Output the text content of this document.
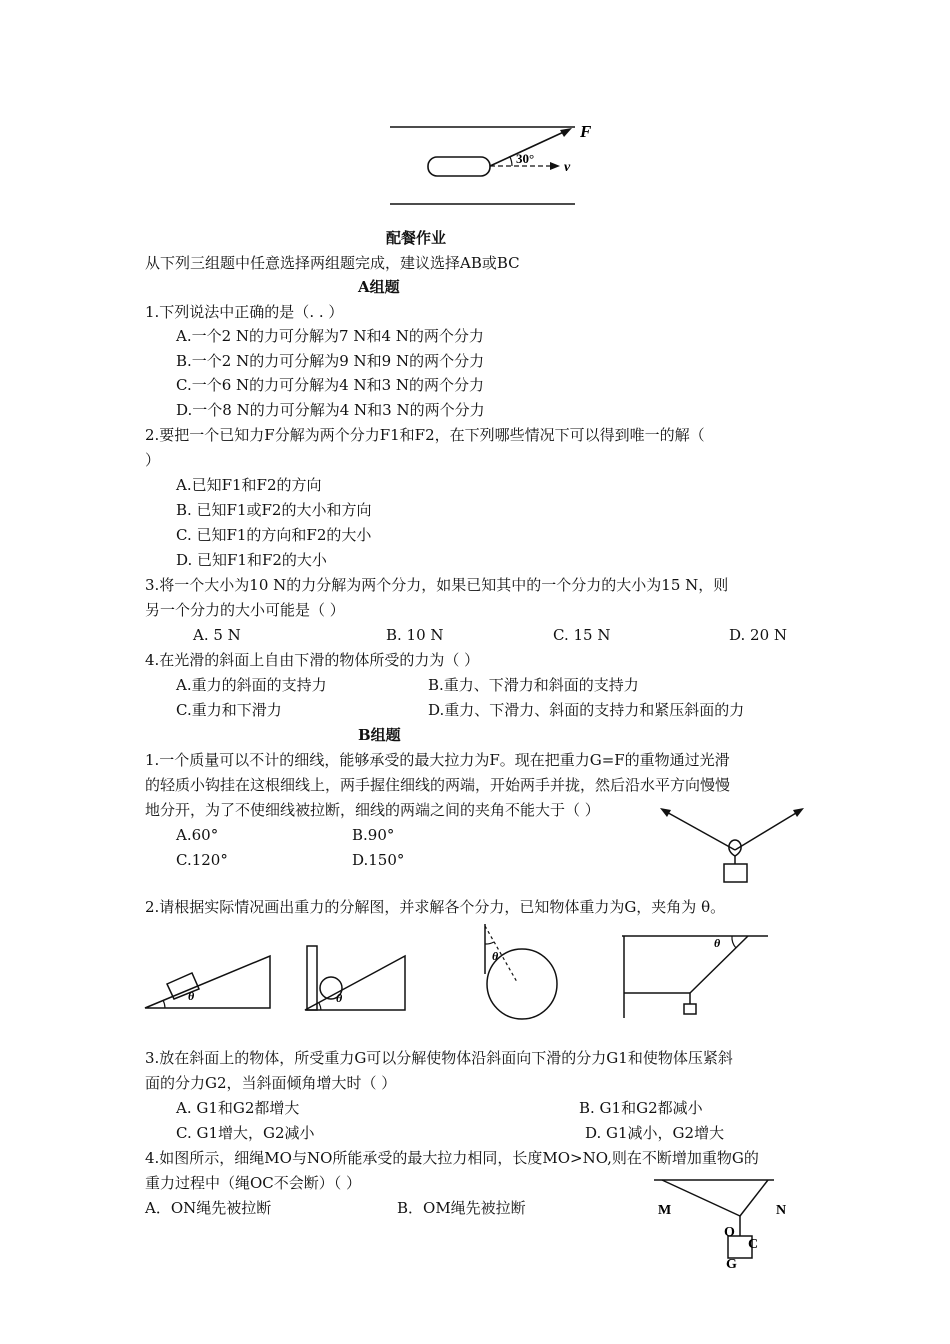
F
30°
v
配餐作业
从下列三组题中任意选择两组题完成，建议选择AB或BC
A组题
1.下列说法中正确的是（. . ）
A.一个2 N的力可分解为7 N和4 N的两个分力
B.一个2 N的力可分解为9 N和9 N的两个分力
C.一个6 N的力可分解为4 N和3 N的两个分力
D.一个8 N的力可分解为4 N和3 N的两个分力
2.要把一个已知力F分解为两个分力F1和F2，在下列哪些情况下可以得到唯一的解（
）
A.已知F1和F2的方向
B. 已知F1或F2的大小和方向
C. 已知F1的方向和F2的大小
D. 已知F1和F2的大小
3.将一个大小为10 N的力分解为两个分力，如果已知其中的一个分力的大小为15 N，则
另一个分力的大小可能是（ ）
A. 5 N	B. 10 N	C. 15 N	D. 20 N
4.在光滑的斜面上自由下滑的物体所受的力为（ ）
A.重力的斜面的支持力	B.重力、下滑力和斜面的支持力
C.重力和下滑力	D.重力、下滑力、斜面的支持力和紧压斜面的力
B组题
1.一个质量可以不计的细线，能够承受的最大拉力为F。现在把重力G=F的重物通过光滑
的轻质小钩挂在这根细线上，两手握住细线的两端，开始两手并拢，然后沿水平方向慢慢
地分开，为了不使细线被拉断，细线的两端之间的夹角不能大于（ ）
A.60°	B.90°
C.120°	D.150°
2.请根据实际情况画出重力的分解图，并求解各个分力，已知物体重力为G，夹角为 θ。
θ	θ
θ
θ
3.放在斜面上的物体，所受重力G可以分解使物体沿斜面向下滑的分力G1和使物体压紧斜
面的分力G2，当斜面倾角增大时（ ）
A. G1和G2都增大	B. G1和G2都减小
C. G1增大，G2减小	D. G1减小，G2增大
4.如图所示，细绳MO与NO所能承受的最大拉力相同，长度MO>NO,则在不断增加重物G的
重力过程中（绳OC不会断）（ ）
A．ON绳先被拉断	B．OM绳先被拉断	M	N
O
C
G
